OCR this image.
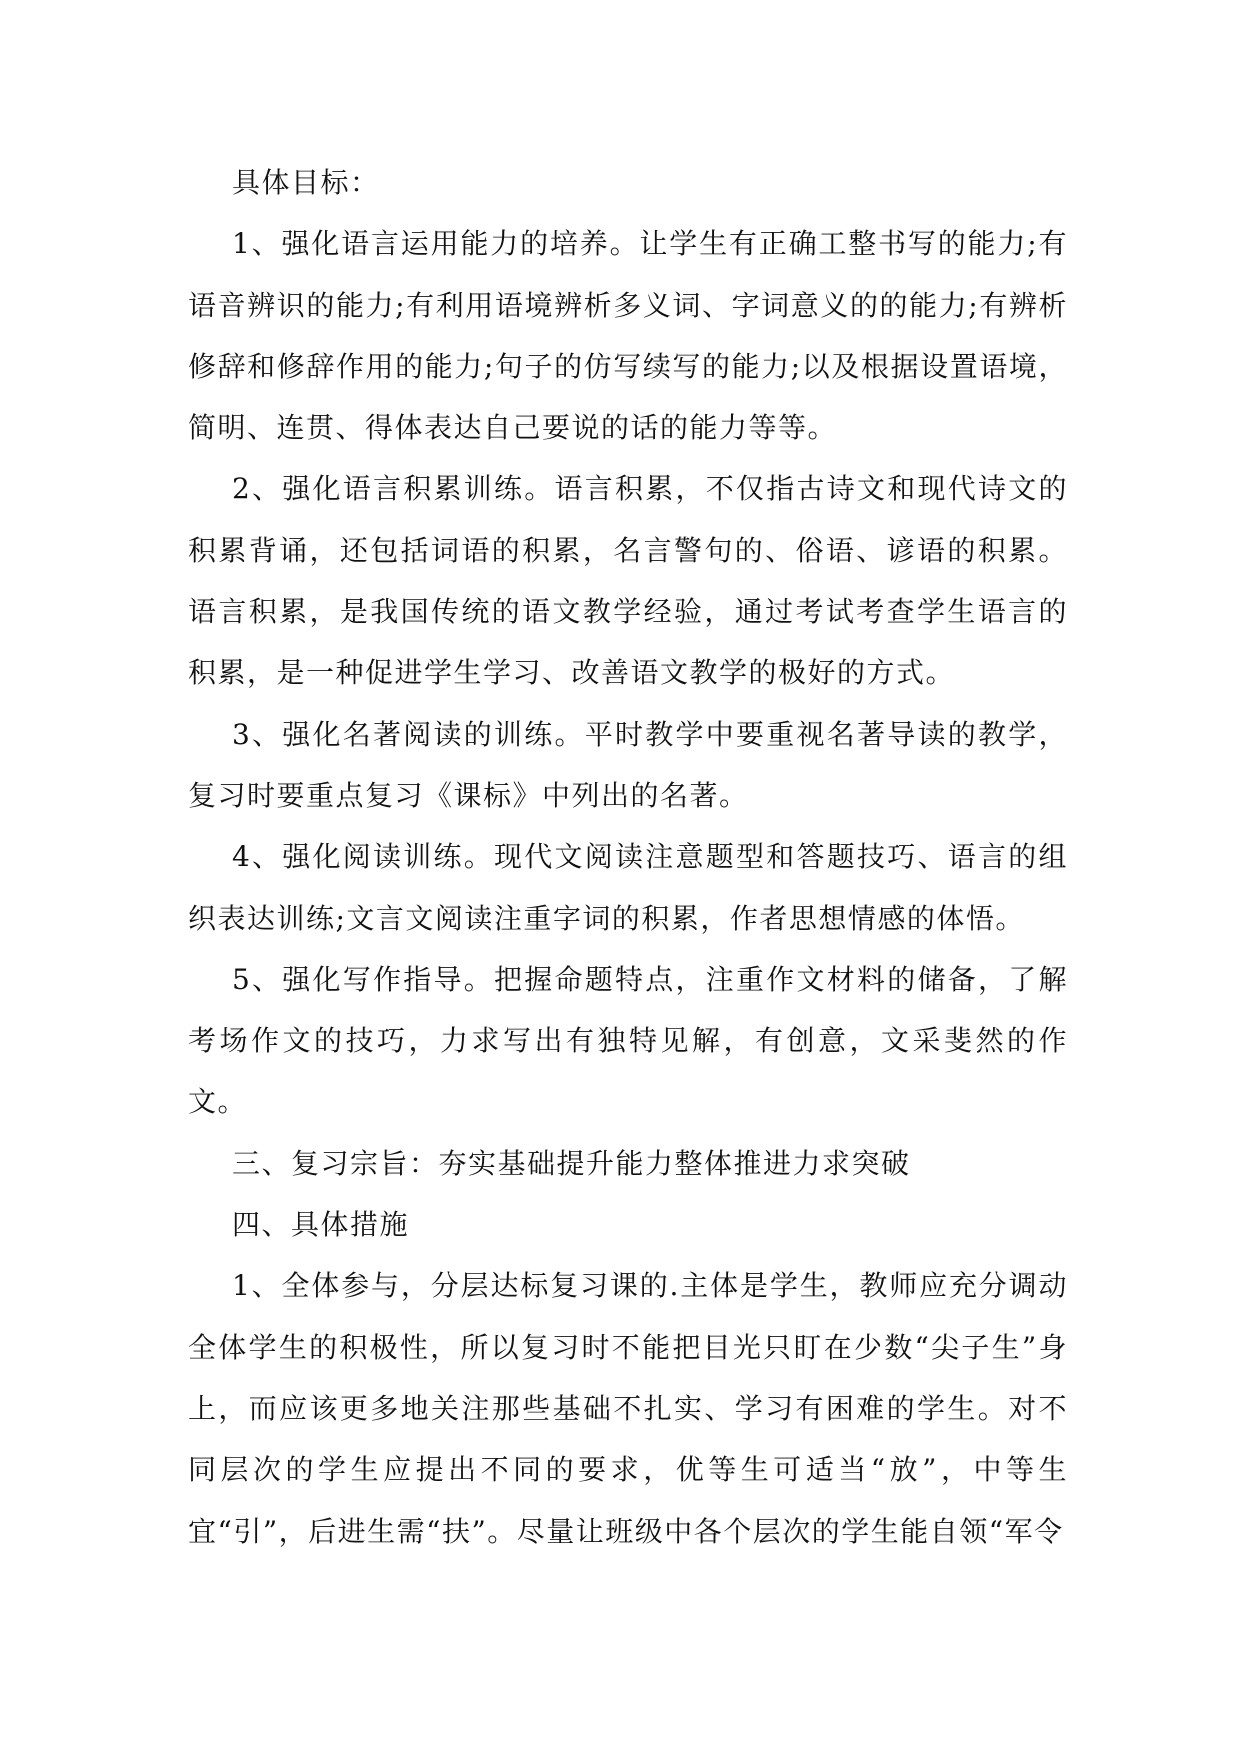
具体目标：

1、强化语言运用能力的培养。让学生有正确工整书写的能力;有语音辨识的能力;有利用语境辨析多义词、字词意义的的能力;有辨析修辞和修辞作用的能力;句子的仿写续写的能力;以及根据设置语境，简明、连贯、得体表达自己要说的话的能力等等。

2、强化语言积累训练。语言积累，不仅指古诗文和现代诗文的积累背诵，还包括词语的积累，名言警句的、俗语、谚语的积累。语言积累，是我国传统的语文教学经验，通过考试考查学生语言的积累，是一种促进学生学习、改善语文教学的极好的方式。

3、强化名著阅读的训练。平时教学中要重视名著导读的教学，复习时要重点复习《课标》中列出的名著。

4、强化阅读训练。现代文阅读注意题型和答题技巧、语言的组织表达训练;文言文阅读注重字词的积累，作者思想情感的体悟。

5、强化写作指导。把握命题特点，注重作文材料的储备，了解考场作文的技巧，力求写出有独特见解，有创意，文采斐然的作文。

三、复习宗旨：夯实基础提升能力整体推进力求突破

四、具体措施

1、全体参与，分层达标复习课的.主体是学生，教师应充分调动全体学生的积极性，所以复习时不能把目光只盯在少数“尖子生”身上，而应该更多地关注那些基础不扎实、学习有困难的学生。对不同层次的学生应提出不同的要求，优等生可适当“放”，中等生宜“引”，后进生需“扶”。尽量让班级中各个层次的学生能自领“军令
